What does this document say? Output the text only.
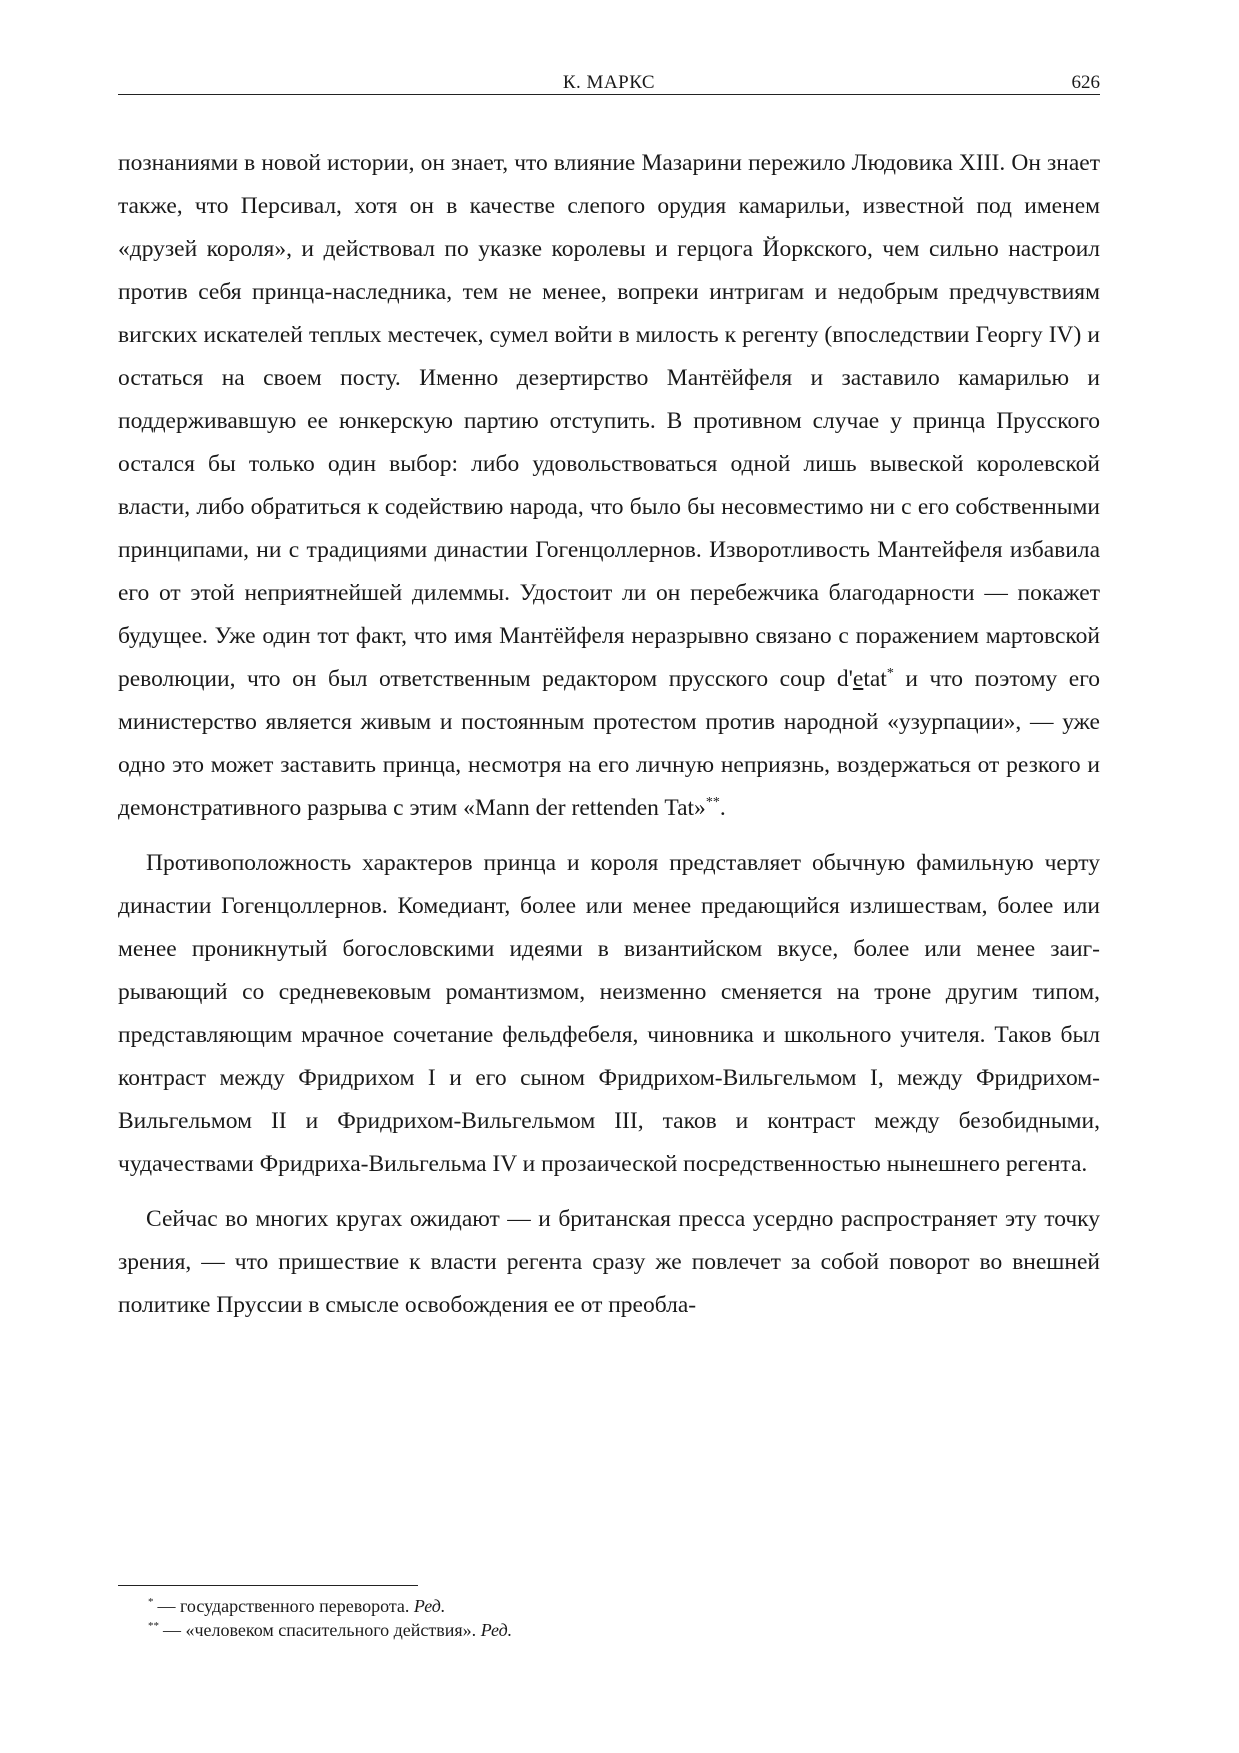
К. МАРКС	626

познаниями в новой истории, он знает, что влияние Мазарини пережило Людовика XIII. Он знает также, что Персивал, хотя он в качестве слепого орудия камарильи, известной под именем «друзей короля», и действовал по указке королевы и герцога Йоркского, чем сильно настроил против себя принца-наследника, тем не менее, вопреки интригам и недобрым предчувствиям вигских искателей теплых местечек, сумел войти в милость к регенту (впоследствии Георгу IV) и остаться на своем посту. Именно дезертирство Мантёйфеля и заставило камарилью и поддерживавшую ее юнкерскую партию отступить. В противном случае у принца Прусского остался бы только один выбор: либо удовольствоваться одной лишь вывеской королевской власти, либо обратиться к содействию народа, что было бы несовместимо ни с его собственными принципами, ни с традициями династии Гогенцоллернов. Изворотливость Мантейфеля избавила его от этой неприятнейшей дилеммы. Удостоит ли он перебежчика благодарности — покажет будущее. Уже один тот факт, что имя Мантёйфеля неразрывно связано с поражением мартовской революции, что он был ответственным редактором прусского coup d'etat* и что поэтому его министерство является живым и постоянным протестом против народной «узурпации», — уже одно это может заставить принца, несмотря на его личную неприязнь, воздержаться от резкого и демонстративного разрыва с этим «Mann der rettenden Tat»**.

Противоположность характеров принца и короля представляет обычную фамильную черту династии Гогенцоллернов. Комедиант, более или менее предающийся излишествам, более или менее проникнутый богословскими идеями в византийском вкусе, более или менее заигрывающий со средневековым романтизмом, неизменно сменяется на троне другим типом, представляющим мрачное сочетание фельдфебеля, чиновника и школьного учителя. Таков был контраст между Фридрихом I и его сыном Фридрихом-Вильгельмом I, между Фридрихом-Вильгельмом II и Фридрихом-Вильгельмом III, таков и контраст между безобидными, чудачествами Фридриха-Вильгельма IV и прозаической посредственностью нынешнего регента.

Сейчас во многих кругах ожидают — и британская пресса усердно распространяет эту точку зрения, — что пришествие к власти регента сразу же повлечет за собой поворот во внешней политике Пруссии в смысле освобождения ее от преобла-

* — государственного переворота. Ред.

** — «человеком спасительного действия». Ред.
